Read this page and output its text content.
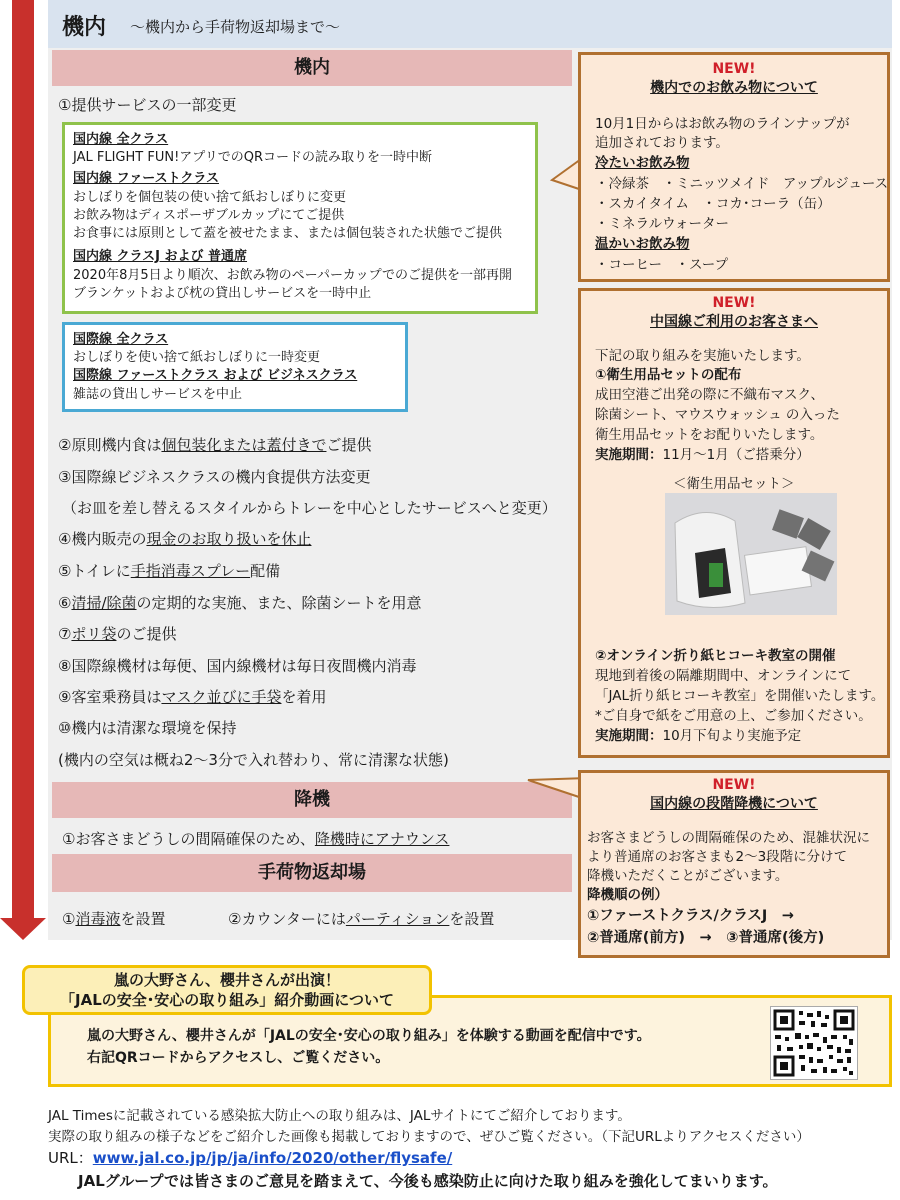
機内 ～機内から手荷物返却場まで～
機内
①提供サービスの一部変更
国内線 全クラス
JAL FLIGHT FUN!アプリでのQRコードの読み取りを一時中断
国内線 ファーストクラス
おしぼりを個包装の使い捨て紙おしぼりに変更
お飲み物はディスポーザブルカップにてご提供
お食事には原則として蓋を被せたまま、または個包装された状態でご提供
国内線 クラスJ および 普通席
2020年8月5日より順次、お飲み物のペーパーカップでのご提供を一部再開
ブランケットおよび枕の貸出しサービスを一時中止
国際線 全クラス
おしぼりを使い捨て紙おしぼりに一時変更
国際線 ファーストクラス および ビジネスクラス
雑誌の貸出しサービスを中止
②原則機内食は個包装化または蓋付きでご提供
③国際線ビジネスクラスの機内食提供方法変更
（お皿を差し替えるスタイルからトレーを中心としたサービスへと変更）
④機内販売の現金のお取り扱いを休止
⑤トイレに手指消毒スプレー配備
⑥清掃/除菌の定期的な実施、また、除菌シートを用意
⑦ポリ袋のご提供
⑧国際線機材は毎便、国内線機材は毎日夜間機内消毒
⑨客室乗務員はマスク並びに手袋を着用
⑩機内は清潔な環境を保持
(機内の空気は概ね2～3分で入れ替わり、常に清潔な状態)
降機
①お客さまどうしの間隔確保のため、降機時にアナウンス
手荷物返却場
①消毒液を設置	②カウンターにはパーティションを設置
NEW!
機内でのお飲み物について
10月1日からはお飲み物のラインナップが
追加されております。
冷たいお飲み物
・冷緑茶　・ミニッツメイド　アップルジュース
・スカイタイム　・コカ･コーラ（缶）
・ミネラルウォーター
温かいお飲み物
・コーヒー　・スープ
NEW!
中国線ご利用のお客さまへ
下記の取り組みを実施いたします。
①衛生用品セットの配布
成田空港ご出発の際に不織布マスク、
除菌シート、マウスウォッシュ の入った
衛生用品セットをお配りいたします。
実施期間：11月～1月（ご搭乗分）
＜衛生用品セット＞
②オンライン折り紙ヒコーキ教室の開催
現地到着後の隔離期間中、オンラインにて
「JAL折り紙ヒコーキ教室」を開催いたします。
*ご自身で紙をご用意の上、ご参加ください。
実施期間：10月下旬より実施予定
NEW!
国内線の段階降機について
お客さまどうしの間隔確保のため、混雑状況に
より普通席のお客さまも2～3段階に分けて
降機いただくことがございます。
降機順の例）
①ファーストクラス/クラスJ　→
②普通席(前方)　→　③普通席(後方)
嵐の大野さん、櫻井さんが「JALの安全･安心の取り組み」を体験する動画を配信中です。
右記QRコードからアクセスし、ご覧ください。
嵐の大野さん、櫻井さんが出演！
「JALの安全･安心の取り組み」紹介動画について
JAL Timesに記載されている感染拡大防止への取り組みは、JALサイトにてご紹介しております。
実際の取り組みの様子などをご紹介した画像も掲載しておりますので、ぜひご覧ください。（下記URLよりアクセスください）
URL：www.jal.co.jp/jp/ja/info/2020/other/flysafe/
JALグループでは皆さまのご意見を踏まえて、今後も感染防止に向けた取り組みを強化してまいります。
